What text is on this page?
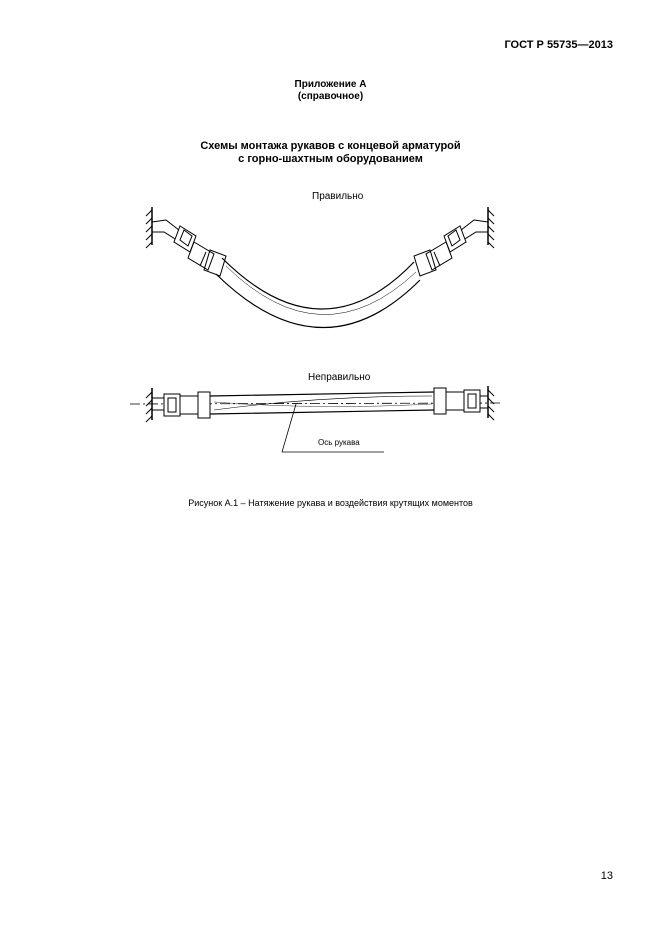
ГОСТ Р 55735—2013
Приложение А
(справочное)
Схемы монтажа рукавов с концевой арматурой
с горно-шахтным оборудованием
Правильно
Неправильно
Ось рукава
Рисунок А.1 – Натяжение рукава и воздействия крутящих моментов
13
